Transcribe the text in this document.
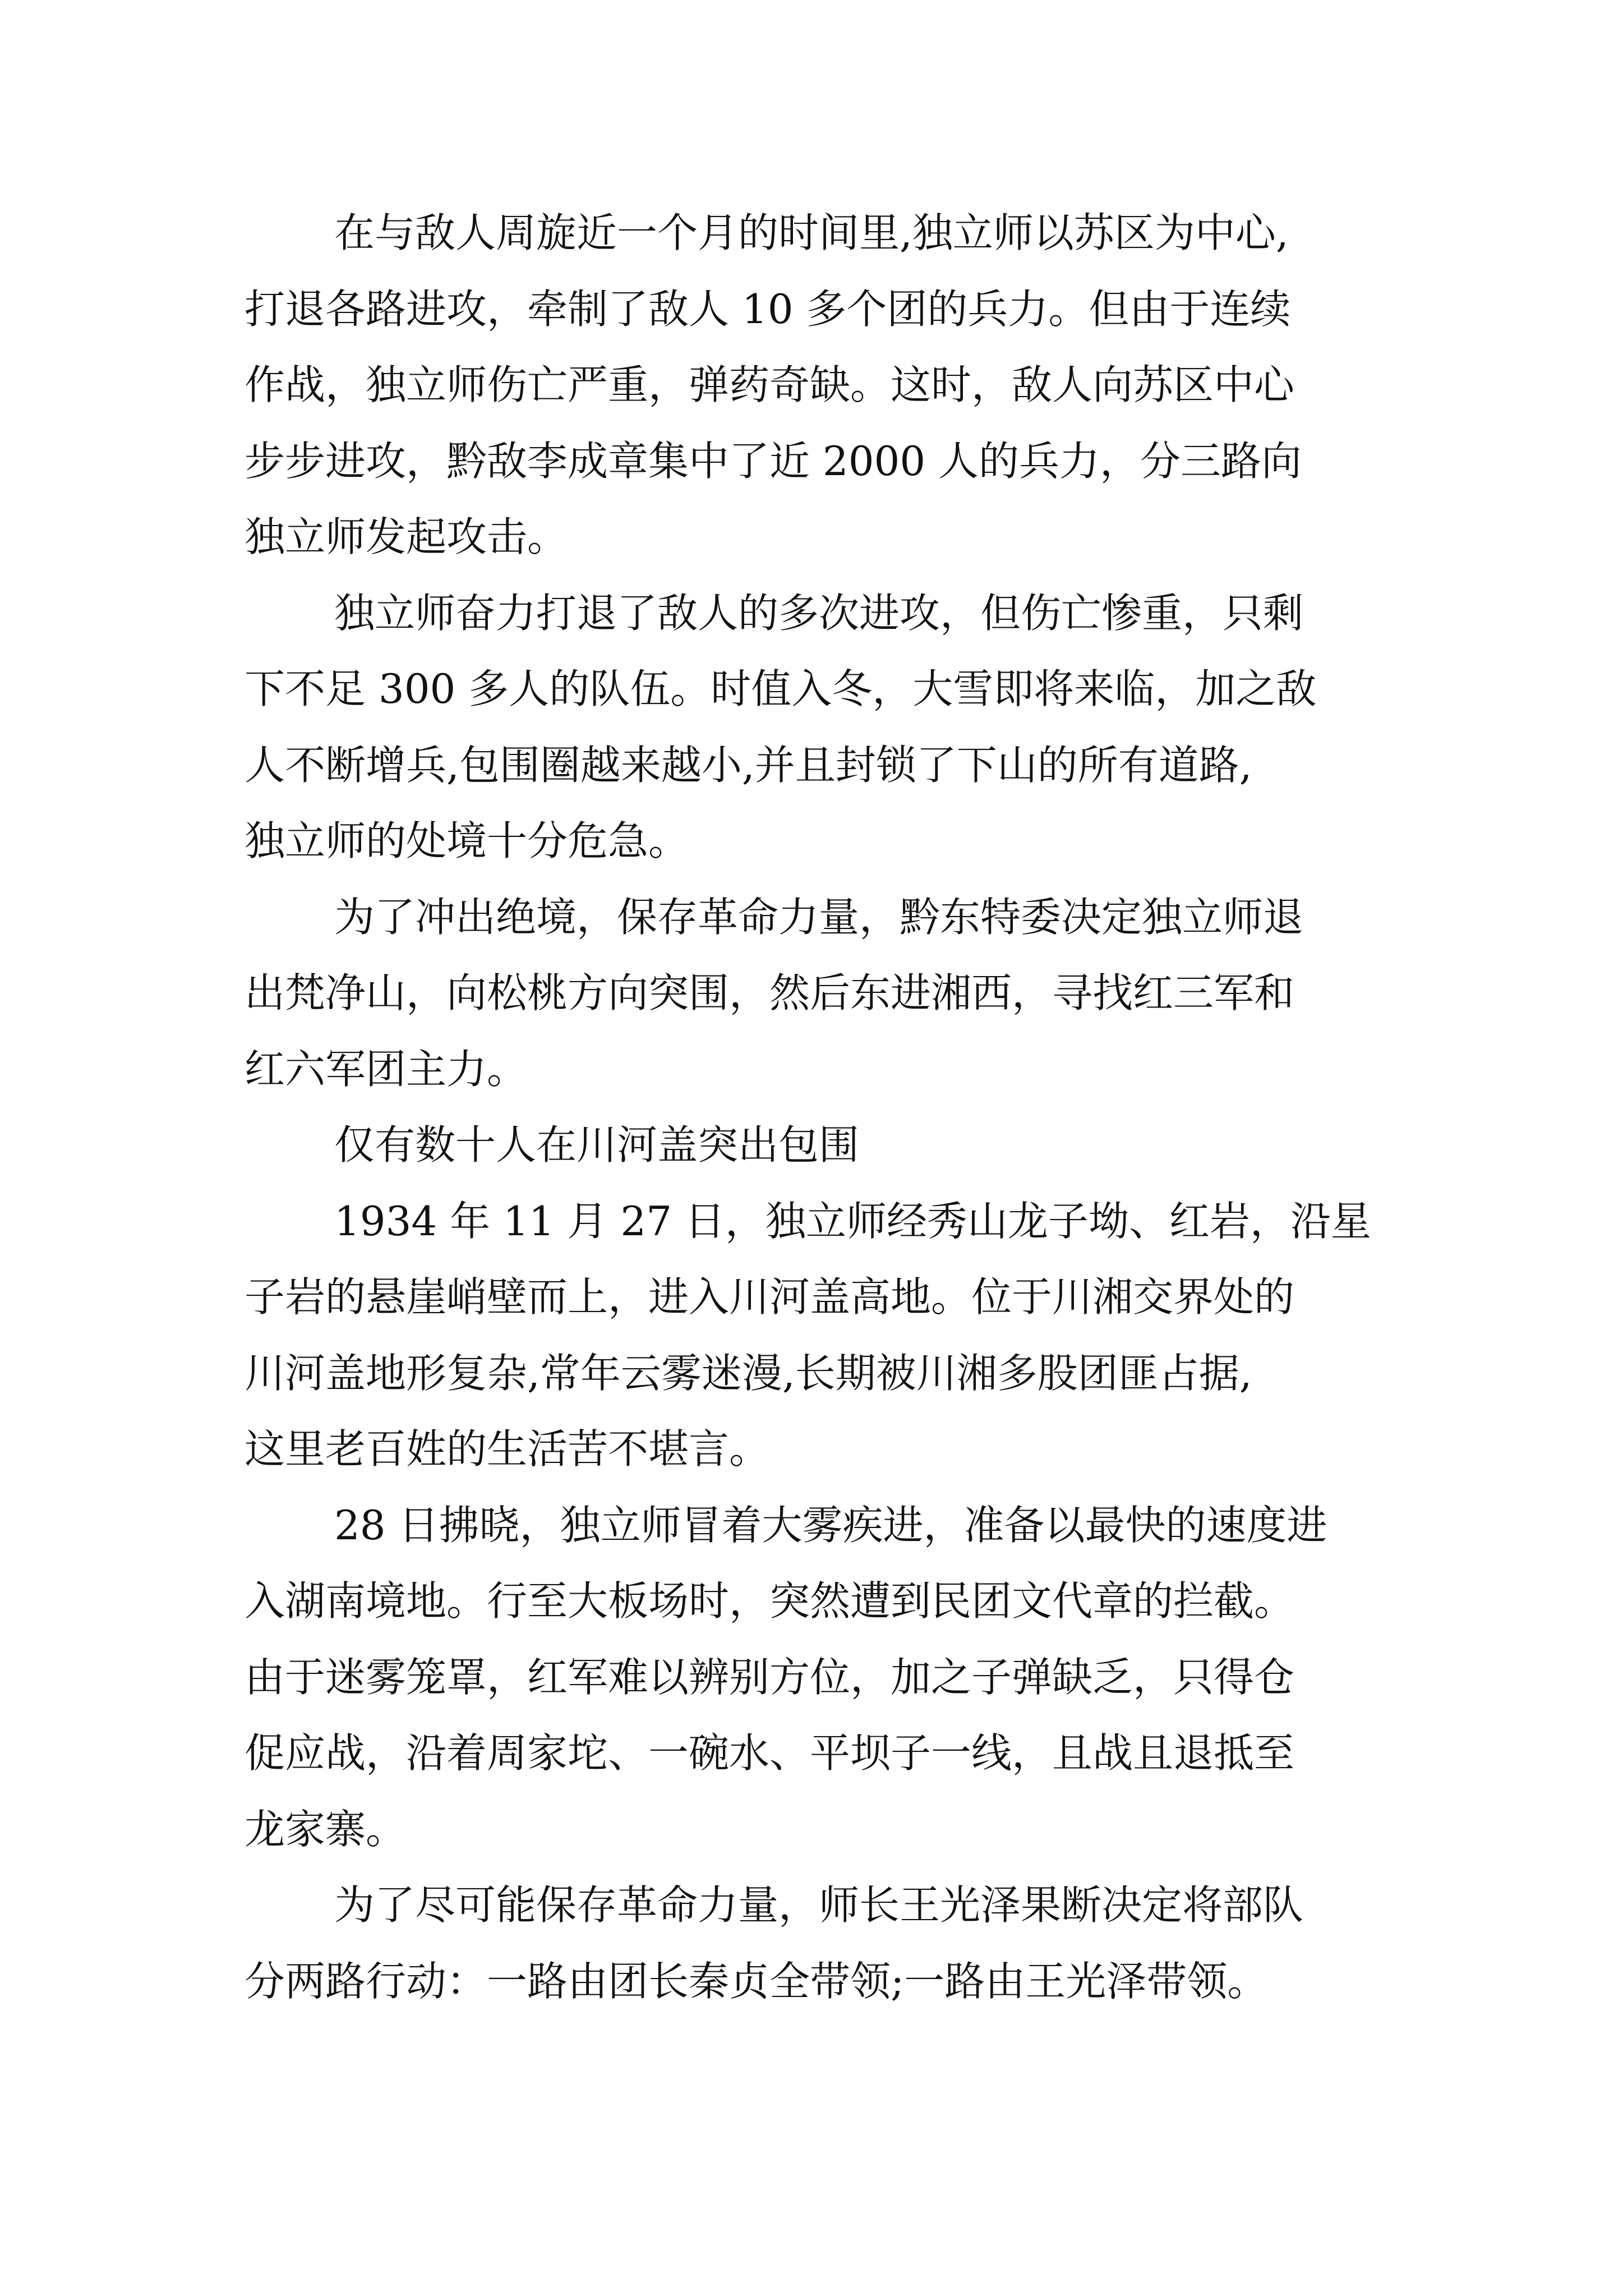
在与敌人周旋近一个月的时间里,独立师以苏区为中心,
打退各路进攻，牵制了敌人 10 多个团的兵力。但由于连续
作战，独立师伤亡严重，弹药奇缺。这时，敌人向苏区中心
步步进攻，黔敌李成章集中了近 2000 人的兵力，分三路向
独立师发起攻击。
独立师奋力打退了敌人的多次进攻，但伤亡惨重，只剩
下不足 300 多人的队伍。时值入冬，大雪即将来临，加之敌
人不断增兵,包围圈越来越小,并且封锁了下山的所有道路,
独立师的处境十分危急。
为了冲出绝境，保存革命力量，黔东特委决定独立师退
出梵净山，向松桃方向突围，然后东进湘西，寻找红三军和
红六军团主力。
仅有数十人在川河盖突出包围
1934 年 11 月 27 日，独立师经秀山龙子坳、红岩，沿星
子岩的悬崖峭壁而上，进入川河盖高地。位于川湘交界处的
川河盖地形复杂,常年云雾迷漫,长期被川湘多股团匪占据,
这里老百姓的生活苦不堪言。
28 日拂晓，独立师冒着大雾疾进，准备以最快的速度进
入湖南境地。行至大板场时，突然遭到民团文代章的拦截。
由于迷雾笼罩，红军难以辨别方位，加之子弹缺乏，只得仓
促应战，沿着周家坨、一碗水、平坝子一线，且战且退抵至
龙家寨。
为了尽可能保存革命力量，师长王光泽果断决定将部队
分两路行动：一路由团长秦贞全带领;一路由王光泽带领。
